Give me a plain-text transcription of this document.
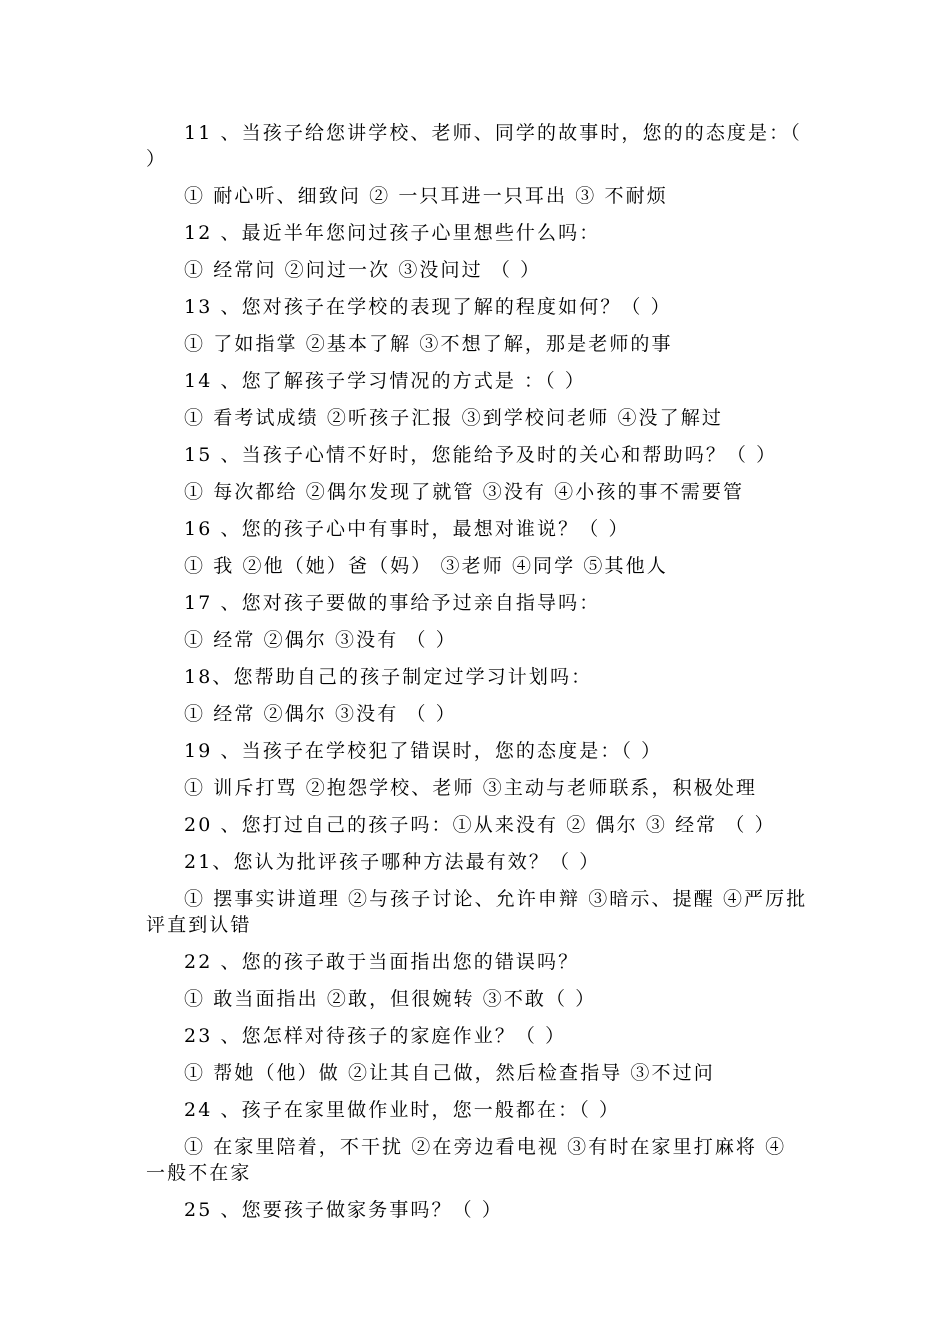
11 、当孩子给您讲学校、老师、同学的故事时，您的的态度是：（ ）

① 耐心听、细致问 ② 一只耳进一只耳出 ③ 不耐烦

12 、最近半年您问过孩子心里想些什么吗：

① 经常问 ②问过一次 ③没问过 （ ）

13 、您对孩子在学校的表现了解的程度如何？（ ）

① 了如指掌 ②基本了解 ③不想了解，那是老师的事

14 、您了解孩子学习情况的方式是 ：（ ）

① 看考试成绩 ②听孩子汇报 ③到学校问老师 ④没了解过

15 、当孩子心情不好时，您能给予及时的关心和帮助吗？（ ）

① 每次都给 ②偶尔发现了就管 ③没有 ④小孩的事不需要管

16 、您的孩子心中有事时，最想对谁说？（ ）

① 我 ②他（她）爸（妈） ③老师 ④同学 ⑤其他人

17 、您对孩子要做的事给予过亲自指导吗：

① 经常 ②偶尔 ③没有 （ ）

18、您帮助自己的孩子制定过学习计划吗：

① 经常 ②偶尔 ③没有 （ ）

19 、当孩子在学校犯了错误时，您的态度是：（ ）

① 训斥打骂 ②抱怨学校、老师 ③主动与老师联系，积极处理

20 、您打过自己的孩子吗：①从来没有 ② 偶尔 ③ 经常 （ ）

21、您认为批评孩子哪种方法最有效？（ ）

① 摆事实讲道理 ②与孩子讨论、允许申辩 ③暗示、提醒 ④严厉批评直到认错

22 、您的孩子敢于当面指出您的错误吗？

① 敢当面指出 ②敢，但很婉转 ③不敢（ ）

23 、您怎样对待孩子的家庭作业？（ ）

① 帮她（他）做 ②让其自己做，然后检查指导 ③不过问

24 、孩子在家里做作业时，您一般都在：（ ）

① 在家里陪着，不干扰 ②在旁边看电视 ③有时在家里打麻将 ④ 一般不在家

25 、您要孩子做家务事吗？（ ）
